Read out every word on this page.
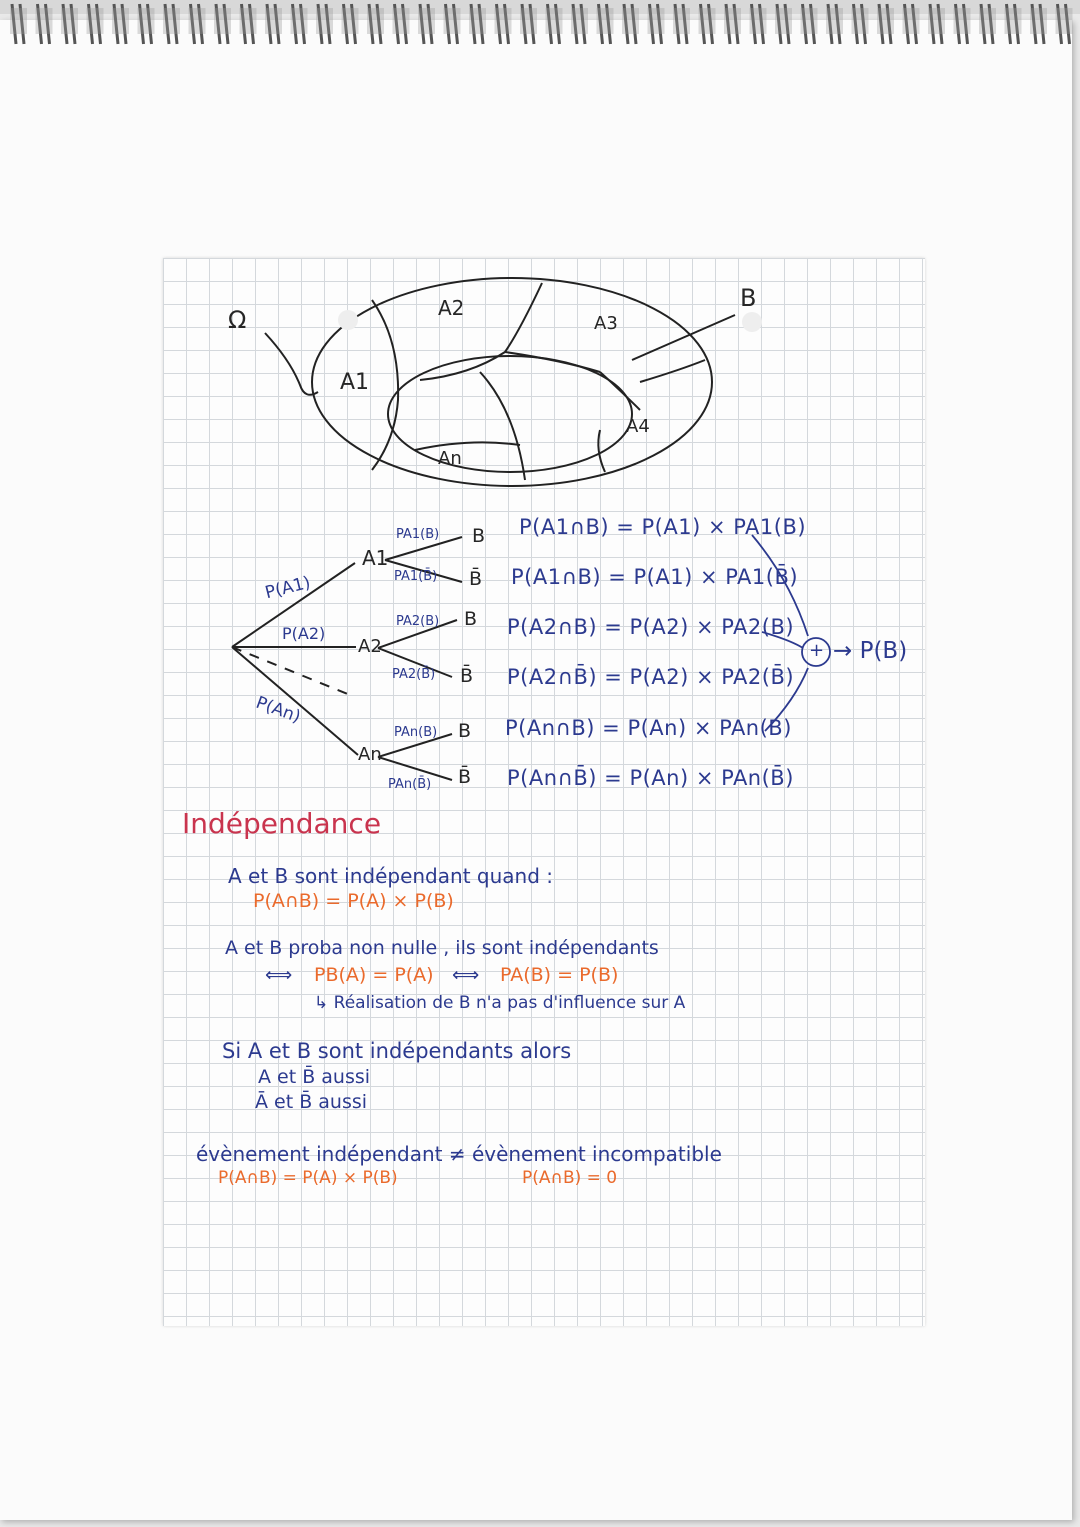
Ω
B
A1
A2
A3
A4
An
A1
A2
An
P(A1)
P(A2)
P(An)
PA1(B)
PA1(B̄)
PA2(B)
PA2(B̄)
PAn(B)
PAn(B̄)
B
B̄
B
B̄
B
B̄
P(A1∩B) = P(A1) × PA1(B)
P(A1∩B) = P(A1) × PA1(B̄)
P(A2∩B) = P(A2) × PA2(B)
P(A2∩B̄) = P(A2) × PA2(B̄)
P(An∩B) = P(An) × PAn(B)
P(An∩B̄) = P(An) × PAn(B̄)
+ → P(B)
Indépendance
A et B sont indépendant quand :
P(A∩B) = P(A) × P(B)
A et B proba non nulle , ils sont indépendants
⟺ PB(A) = P(A) ⟺ PA(B) = P(B)
↳ Réalisation de B n'a pas d'influence sur A
Si A et B sont indépendants alors
A et B̄ aussi
Ā et B̄ aussi
évènement indépendant ≠ évènement incompatible
P(A∩B) = P(A) × P(B)	P(A∩B) = 0
